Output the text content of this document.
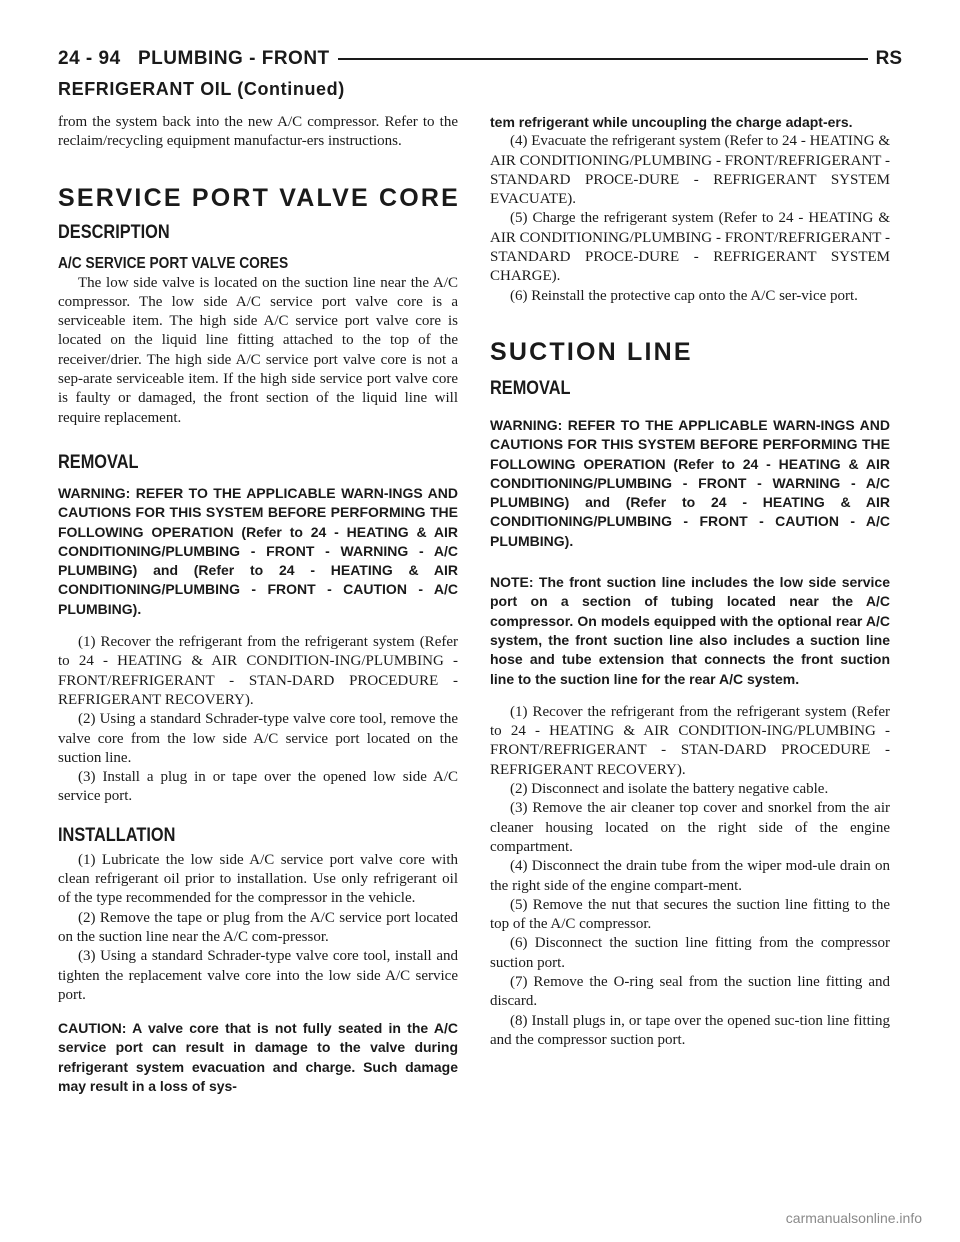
24 - 94 PLUMBING - FRONT	RS
REFRIGERANT OIL (Continued)

from the system back into the new A/C compressor. Refer to the reclaim/recycling equipment manufactur-ers instructions.

SERVICE PORT VALVE CORE
DESCRIPTION
A/C SERVICE PORT VALVE CORES

The low side valve is located on the suction line near the A/C compressor. The low side A/C service port valve core is a serviceable item. The high side A/C service port valve core is located on the liquid line fitting attached to the top of the receiver/drier. The high side A/C service port valve core is not a sep-arate serviceable item. If the high side service port valve core is faulty or damaged, the front section of the liquid line will require replacement.

REMOVAL

WARNING: REFER TO THE APPLICABLE WARN-INGS AND CAUTIONS FOR THIS SYSTEM BEFORE PERFORMING THE FOLLOWING OPERATION (Refer to 24 - HEATING & AIR CONDITIONING/PLUMBING - FRONT - WARNING - A/C PLUMBING) and (Refer to 24 - HEATING & AIR CONDITIONING/PLUMBING - FRONT - CAUTION - A/C PLUMBING).

(1) Recover the refrigerant from the refrigerant system (Refer to 24 - HEATING & AIR CONDITION-ING/PLUMBING - FRONT/REFRIGERANT - STAN-DARD PROCEDURE - REFRIGERANT RECOVERY).

(2) Using a standard Schrader-type valve core tool, remove the valve core from the low side A/C service port located on the suction line.

(3) Install a plug in or tape over the opened low side A/C service port.

INSTALLATION

(1) Lubricate the low side A/C service port valve core with clean refrigerant oil prior to installation. Use only refrigerant oil of the type recommended for the compressor in the vehicle.

(2) Remove the tape or plug from the A/C service port located on the suction line near the A/C com-pressor.

(3) Using a standard Schrader-type valve core tool, install and tighten the replacement valve core into the low side A/C service port.

CAUTION: A valve core that is not fully seated in the A/C service port can result in damage to the valve during refrigerant system evacuation and charge. Such damage may result in a loss of sys-

tem refrigerant while uncoupling the charge adapt-ers.

(4) Evacuate the refrigerant system (Refer to 24 - HEATING & AIR CONDITIONING/PLUMBING - FRONT/REFRIGERANT - STANDARD PROCE-DURE - REFRIGERANT SYSTEM EVACUATE).

(5) Charge the refrigerant system (Refer to 24 - HEATING & AIR CONDITIONING/PLUMBING - FRONT/REFRIGERANT - STANDARD PROCE-DURE - REFRIGERANT SYSTEM CHARGE).

(6) Reinstall the protective cap onto the A/C ser-vice port.

SUCTION LINE
REMOVAL

WARNING: REFER TO THE APPLICABLE WARN-INGS AND CAUTIONS FOR THIS SYSTEM BEFORE PERFORMING THE FOLLOWING OPERATION (Refer to 24 - HEATING & AIR CONDITIONING/PLUMBING - FRONT - WARNING - A/C PLUMBING) and (Refer to 24 - HEATING & AIR CONDITIONING/PLUMBING - FRONT - CAUTION - A/C PLUMBING).

NOTE: The front suction line includes the low side service port on a section of tubing located near the A/C compressor. On models equipped with the optional rear A/C system, the front suction line also includes a suction line hose and tube extension that connects the front suction line to the suction line for the rear A/C system.

(1) Recover the refrigerant from the refrigerant system (Refer to 24 - HEATING & AIR CONDITION-ING/PLUMBING - FRONT/REFRIGERANT - STAN-DARD PROCEDURE - REFRIGERANT RECOVERY).

(2) Disconnect and isolate the battery negative cable.

(3) Remove the air cleaner top cover and snorkel from the air cleaner housing located on the right side of the engine compartment.

(4) Disconnect the drain tube from the wiper mod-ule drain on the right side of the engine compart-ment.

(5) Remove the nut that secures the suction line fitting to the top of the A/C compressor.

(6) Disconnect the suction line fitting from the compressor suction port.

(7) Remove the O-ring seal from the suction line fitting and discard.

(8) Install plugs in, or tape over the opened suc-tion line fitting and the compressor suction port.

carmanualsonline.info
